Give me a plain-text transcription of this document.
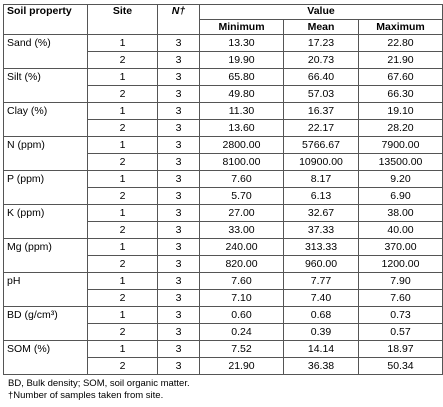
Soil property	Site	N†	Value		
			Minimum	Mean	Maximum
Sand (%)	1	3	13.30	17.23	22.80
	2	3	19.90	20.73	21.90
Silt (%)	1	3	65.80	66.40	67.60
	2	3	49.80	57.03	66.30
Clay (%)	1	3	11.30	16.37	19.10
	2	3	13.60	22.17	28.20
N (ppm)	1	3	2800.00	5766.67	7900.00
	2	3	8100.00	10900.00	13500.00
P (ppm)	1	3	7.60	8.17	9.20
	2	3	5.70	6.13	6.90
K (ppm)	1	3	27.00	32.67	38.00
	2	3	33.00	37.33	40.00
Mg (ppm)	1	3	240.00	313.33	370.00
	2	3	820.00	960.00	1200.00
pH	1	3	7.60	7.77	7.90
	2	3	7.10	7.40	7.60
BD (g/cm³)	1	3	0.60	0.68	0.73
	2	3	0.24	0.39	0.57
SOM (%)	1	3	7.52	14.14	18.97
	2	3	21.90	36.38	50.34
BD, Bulk density; SOM, soil organic matter.
†Number of samples taken from site.
